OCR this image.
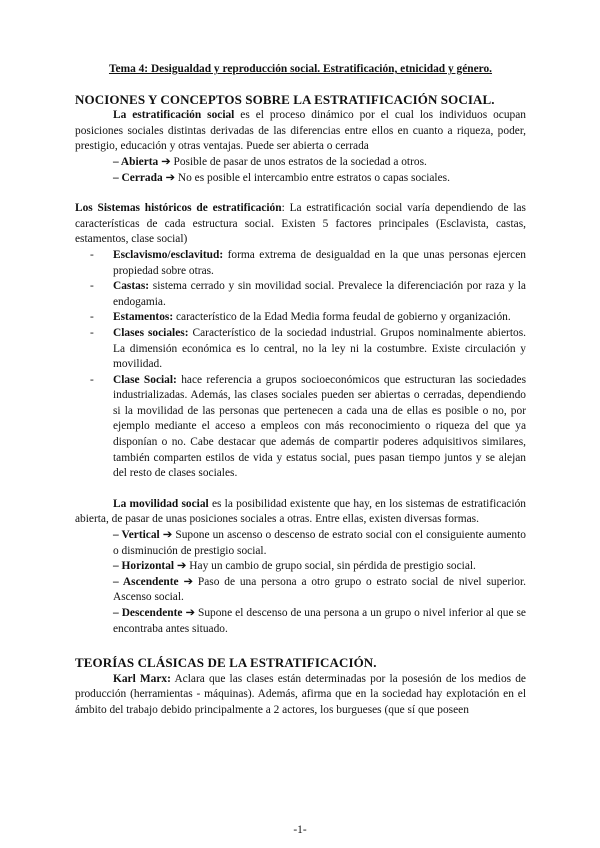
Tema 4: Desigualdad y reproducción social. Estratificación, etnicidad y género.
NOCIONES Y CONCEPTOS SOBRE LA ESTRATIFICACIÓN SOCIAL.

La estratificación social es el proceso dinámico por el cual los individuos ocupan posiciones sociales distintas derivadas de las diferencias entre ellos en cuanto a riqueza, poder, prestigio, educación y otras ventajas. Puede ser abierta o cerrada

– Abierta ➔ Posible de pasar de unos estratos de la sociedad a otros.

– Cerrada ➔ No es posible el intercambio entre estratos o capas sociales.

Los Sistemas históricos de estratificación: La estratificación social varía dependiendo de las características de cada estructura social. Existen 5 factores principales (Esclavista, castas, estamentos, clase social)

- Esclavismo/esclavitud: forma extrema de desigualdad en la que unas personas ejercen propiedad sobre otras.
- Castas: sistema cerrado y sin movilidad social. Prevalece la diferenciación por raza y la endogamia.
- Estamentos: característico de la Edad Media forma feudal de gobierno y organización.
- Clases sociales: Característico de la sociedad industrial. Grupos nominalmente abiertos. La dimensión económica es lo central, no la ley ni la costumbre. Existe circulación y movilidad.
- Clase Social: hace referencia a grupos socioeconómicos que estructuran las sociedades industrializadas. Además, las clases sociales pueden ser abiertas o cerradas, dependiendo si la movilidad de las personas que pertenecen a cada una de ellas es posible o no, por ejemplo mediante el acceso a empleos con más reconocimiento o riqueza del que ya disponían o no. Cabe destacar que además de compartir poderes adquisitivos similares, también comparten estilos de vida y estatus social, pues pasan tiempo juntos y se alejan del resto de clases sociales.

La movilidad social es la posibilidad existente que hay, en los sistemas de estratificación abierta, de pasar de unas posiciones sociales a otras. Entre ellas, existen diversas formas.

– Vertical ➔ Supone un ascenso o descenso de estrato social con el consiguiente aumento o disminución de prestigio social.

– Horizontal ➔ Hay un cambio de grupo social, sin pérdida de prestigio social.

– Ascendente ➔ Paso de una persona a otro grupo o estrato social de nivel superior. Ascenso social.

– Descendente ➔ Supone el descenso de una persona a un grupo o nivel inferior al que se encontraba antes situado.

TEORÍAS CLÁSICAS DE LA ESTRATIFICACIÓN.

Karl Marx: Aclara que las clases están determinadas por la posesión de los medios de producción (herramientas - máquinas). Además, afirma que en la sociedad hay explotación en el ámbito del trabajo debido principalmente a 2 actores, los burgueses (que sí que poseen

-1-
